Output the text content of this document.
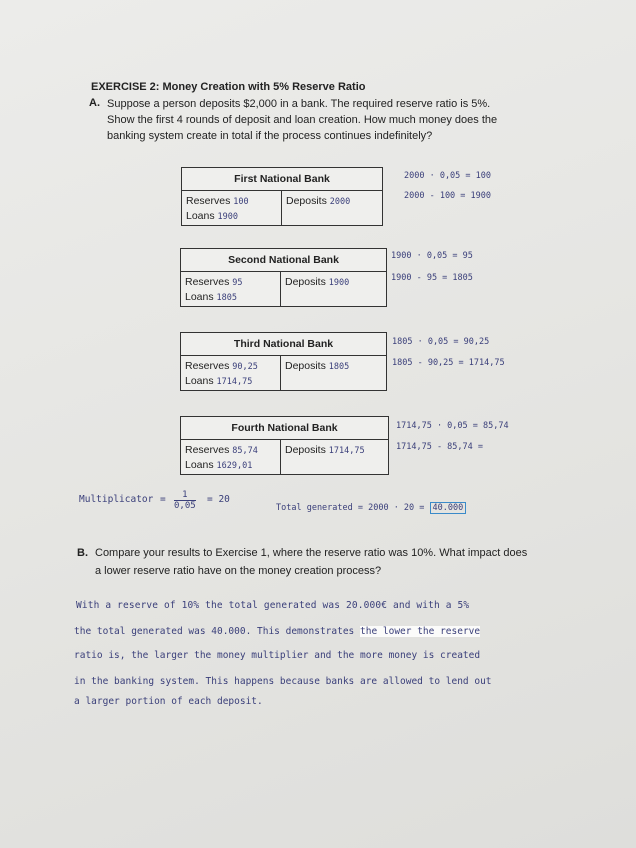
EXERCISE 2: Money Creation with 5% Reserve Ratio
A. Suppose a person deposits $2,000 in a bank. The required reserve ratio is 5%.
Show the first 4 rounds of deposit and loan creation. How much money does the
banking system create in total if the process continues indefinitely?
First National Bank
Reserves 100
Loans 1900
Deposits 2000
2000 · 0,05 = 100
2000 - 100 = 1900
Second National Bank
Reserves 95
Loans 1805
Deposits 1900
1900 · 0,05 = 95
1900 - 95 = 1805
Third National Bank
Reserves 90,25
Loans 1714,75
Deposits 1805
1805 · 0,05 = 90,25
1805 - 90,25 = 1714,75
Fourth National Bank
Reserves 85,74
Loans 1629,01
Deposits 1714,75
1714,75 · 0,05 = 85,74
1714,75 - 85,74 =
Multiplicator = $\frac{1}{0,05} = 20$
Total generated = 2000 · 20 = 40.000
B. Compare your results to Exercise 1, where the reserve ratio was 10%. What impact does
a lower reserve ratio have on the money creation process?
With a reserve of 10% the total generated was 20.000€ and with a 5%
the total generated was 40.000. This demonstrates the lower the reserve
ratio is, the larger the money multiplier and the more money is created
in the banking system. This happens because banks are allowed to lend out
a larger portion of each deposit.
